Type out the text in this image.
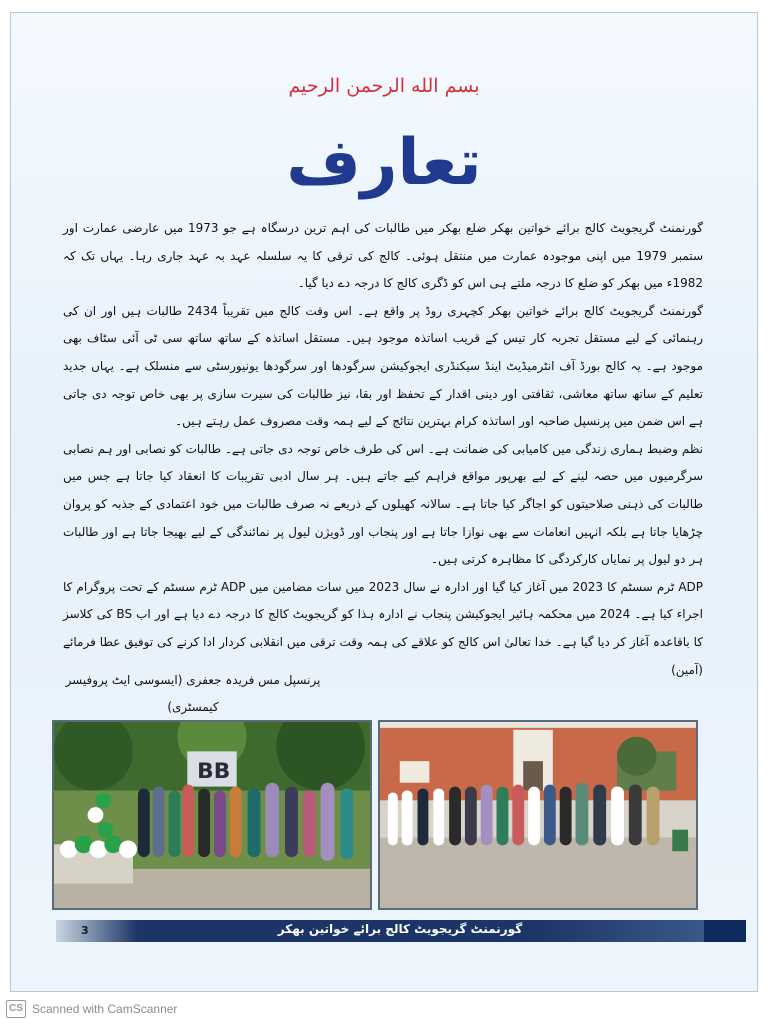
بسم الله الرحمن الرحیم
تعارف

گورنمنٹ گریجویٹ کالج برائے خواتین بھکر ضلع بھکر میں طالبات کی اہم ترین درسگاہ ہے جو 1973 میں عارضی عمارت اور ستمبر 1979 میں اپنی موجودہ عمارت میں منتقل ہوئی۔ کالج کی ترقی کا یہ سلسلہ عہد بہ عہد جاری رہا۔ یہاں تک کہ 1982ء میں بھکر کو ضلع کا درجہ ملتے ہی اس کو ڈگری کالج کا درجہ دے دیا گیا۔

گورنمنٹ گریجویٹ کالج برائے خواتین بھکر کچہری روڈ پر واقع ہے۔ اس وقت کالج میں تقریباً 2434 طالبات ہیں اور ان کی رہنمائی کے لیے مستقل تجربہ کار تیس کے قریب اساتذہ موجود ہیں۔ مستقل اساتذہ کے ساتھ ساتھ سی ٹی آئی سٹاف بھی موجود ہے۔ یہ کالج بورڈ آف انٹرمیڈیٹ اینڈ سیکنڈری ایجوکیشن سرگودھا اور سرگودھا یونیورسٹی سے منسلک ہے۔ یہاں جدید تعلیم کے ساتھ ساتھ معاشی، ثقافتی اور دینی اقدار کے تحفظ اور بقا، نیز طالبات کی سیرت سازی پر بھی خاص توجہ دی جاتی ہے اس ضمن میں پرنسپل صاحبہ اور اساتذہ کرام بہترین نتائج کے لیے ہمہ وقت مصروف عمل رہتے ہیں۔

نظم وضبط ہماری زندگی میں کامیابی کی ضمانت ہے۔ اس کی طرف خاص توجہ دی جاتی ہے۔ طالبات کو نصابی اور ہم نصابی سرگرمیوں میں حصہ لینے کے لیے بھرپور مواقع فراہم کیے جاتے ہیں۔ ہر سال ادبی تقریبات کا انعقاد کیا جاتا ہے جس میں طالبات کی ذہنی صلاحیتوں کو اجاگر کیا جاتا ہے۔ سالانہ کھیلوں کے ذریعے نہ صرف طالبات میں خود اعتمادی کے جذبہ کو پروان چڑھایا جاتا ہے بلکہ انہیں انعامات سے بھی نوازا جاتا ہے اور پنجاب اور ڈویژن لیول پر نمائندگی کے لیے بھیجا جاتا ہے اور طالبات ہر دو لیول پر نمایاں کارکردگی کا مظاہرہ کرتی ہیں۔

ADP ٹرم سسٹم کا 2023 میں آغاز کیا گیا اور ادارہ نے سال 2023 میں سات مضامین میں ADP ٹرم سسٹم کے تحت پروگرام کا اجراء کیا ہے۔ 2024 میں محکمہ ہائیر ایجوکیشن پنجاب نے ادارہ ہذا کو گریجویٹ کالج کا درجہ دے دیا ہے اور اب BS کی کلاسز کا باقاعدہ آغاز کر دیا گیا ہے۔ خدا تعالیٰ اس کالج کو علاقے کی ہمہ وقت ترقی میں انقلابی کردار ادا کرنے کی توفیق عطا فرمائے (آمین)

پرنسپل مس فریدہ جعفری (ایسوسی ایٹ پروفیسر کیمسٹری)
BB
3	گورنمنٹ گریجویٹ کالج برائے خواتین بھکر
CS Scanned with CamScanner
